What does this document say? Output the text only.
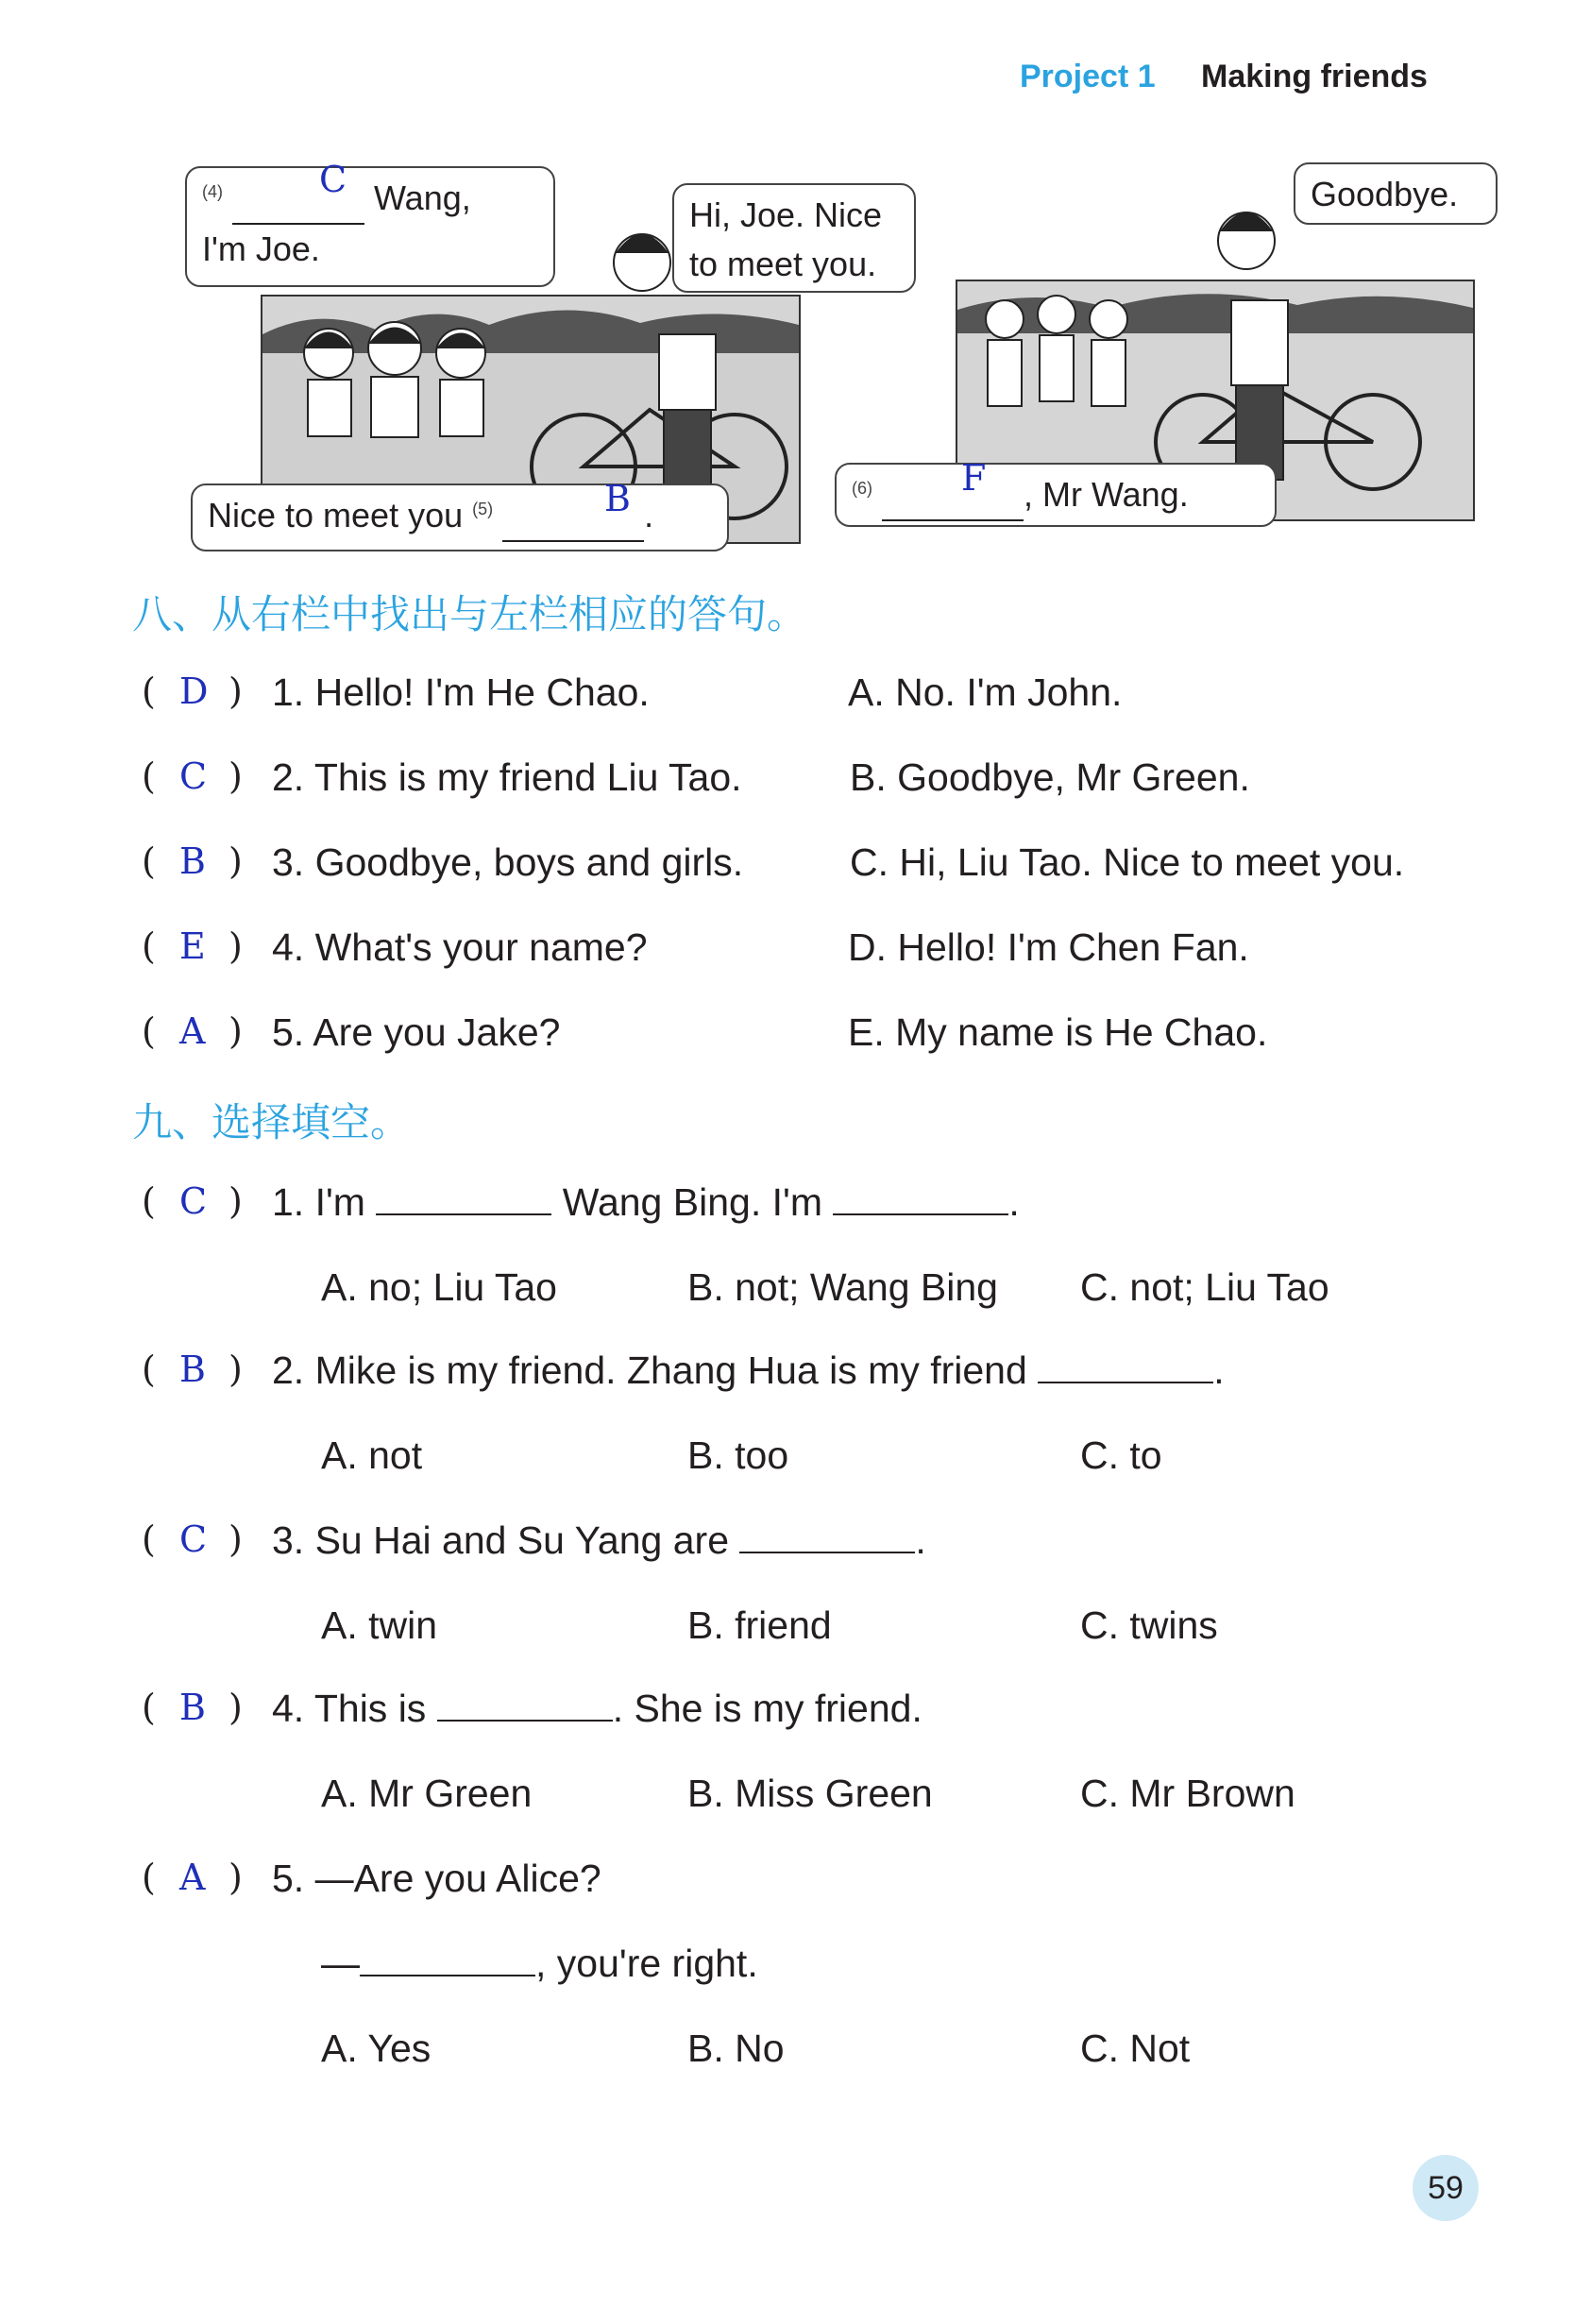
Project 1 Making friends
$^{(4)}$	Wang,
I'm Joe.
C
Hi, Joe. Nice
to meet you.
Nice to meet you $^{(5)}$	.
B
Goodbye.
$^{(6)}$	, Mr Wang.
F
八、从右栏中找出与左栏相应的答句。
( D ) 1. Hello! I'm He Chao.	A. No. I'm John.
( C ) 2. This is my friend Liu Tao.	B. Goodbye, Mr Green.
( B ) 3. Goodbye, boys and girls.	C. Hi, Liu Tao. Nice to meet you.
( E ) 4. What's your name?	D. Hello! I'm Chen Fan.
( A ) 5. Are you Jake?	E. My name is He Chao.
九、选择填空。
( C ) 1. I'm	Wang Bing. I'm	.
A. no; Liu Tao	B. not; Wang Bing C. not; Liu Tao
( B ) 2. Mike is my friend. Zhang Hua is my friend	.
A. not	B. too	C. to
( C ) 3. Su Hai and Su Yang are	.
A. twin	B. friend	C. twins
( B ) 4. This is	. She is my friend.
A. Mr Green	B. Miss Green	C. Mr Brown
( A ) 5. —Are you Alice?
—	, you're right.
A. Yes	B. No	C. Not
59
